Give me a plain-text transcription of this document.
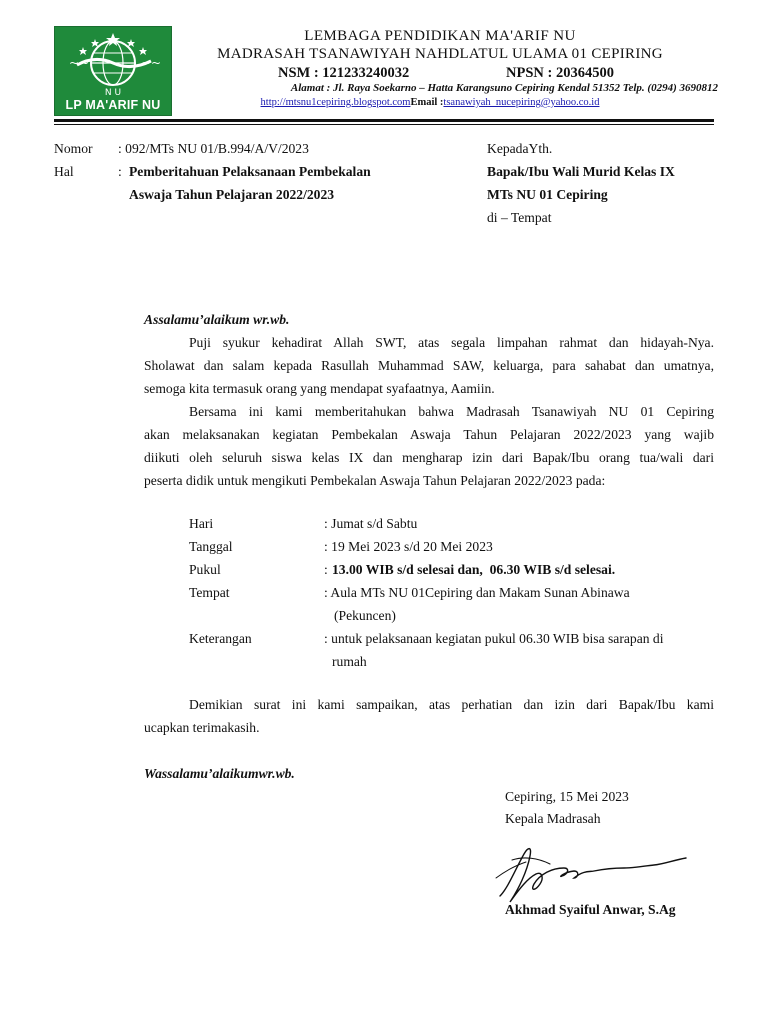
~~	~~
N U
LP MA'ARIF NU
LEMBAGA PENDIDIKAN MA'ARIF NU
MADRASAH TSANAWIYAH NAHDLATUL ULAMA 01 CEPIRING
NSM : 121233240032	NPSN : 20364500
Alamat : Jl. Raya Soekarno – Hatta Karangsuno Cepiring Kendal 51352 Telp. (0294) 3690812
http://mtsnu1cepiring.blogspot.comEmail :tsanawiyah_nucepiring@yahoo.co.id
Nomor : 092/MTs NU 01/B.994/A/V/2023
Hal	: Pemberitahuan Pelaksanaan Pembekalan
Aswaja Tahun Pelajaran 2022/2023
KepadaYth.
Bapak/Ibu Wali Murid Kelas IX
MTs NU 01 Cepiring
di – Tempat
Assalamu’alaikum wr.wb.
Puji syukur kehadirat Allah SWT, atas segala limpahan rahmat dan hidayah-Nya.
Sholawat dan salam kepada Rasullah Muhammad SAW, keluarga, para sahabat dan umatnya,
semoga kita termasuk orang yang mendapat syafaatnya, Aamiin.
Bersama ini kami memberitahukan bahwa Madrasah Tsanawiyah NU 01 Cepiring
akan melaksanakan kegiatan Pembekalan Aswaja Tahun Pelajaran 2022/2023 yang wajib
diikuti oleh seluruh siswa kelas IX dan mengharap izin dari Bapak/Ibu orang tua/wali dari
peserta didik untuk mengikuti Pembekalan Aswaja Tahun Pelajaran 2022/2023 pada:
Hari	: Jumat s/d Sabtu
Tanggal	: 19 Mei 2023 s/d 20 Mei 2023
Pukul	: 13.00 WIB s/d selesai dan,  06.30 WIB s/d selesai.
Tempat	: Aula MTs NU 01Cepiring dan Makam Sunan Abinawa
(Pekuncen)
Keterangan	: untuk pelaksanaan kegiatan pukul 06.30 WIB bisa sarapan di
rumah
Demikian surat ini kami sampaikan, atas perhatian dan izin dari Bapak/Ibu kami
ucapkan terimakasih.
Wassalamu’alaikumwr.wb.
Cepiring, 15 Mei 2023
Kepala Madrasah
Akhmad Syaiful Anwar, S.Ag
